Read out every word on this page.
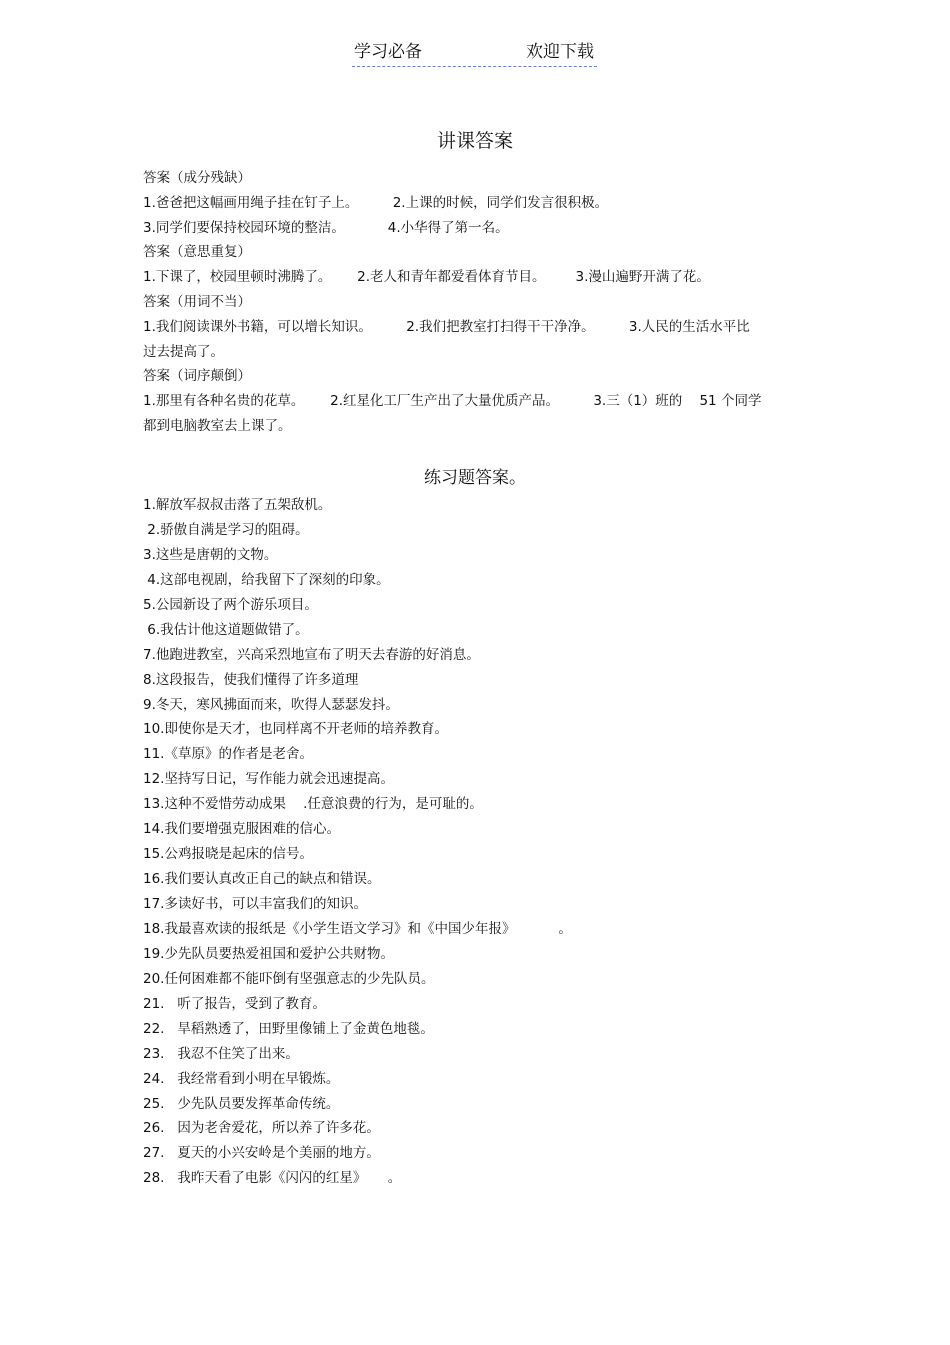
学习必备	欢迎下载
讲课答案
答案（成分残缺）
1.爸爸把这幅画用绳子挂在钉子上。        2.上课的时候，同学们发言很积极。
3.同学们要保持校园环境的整洁。          4.小华得了第一名。
答案（意思重复）
1.下课了，校园里顿时沸腾了。      2.老人和青年都爱看体育节目。       3.漫山遍野开满了花。
答案（用词不当）
1.我们阅读课外书籍，可以增长知识。        2.我们把教室打扫得干干净净。        3.人民的生活水平比
过去提高了。
答案（词序颠倒）
1.那里有各种名贵的花草。      2.红星化工厂生产出了大量优质产品。        3.三（1）班的    51 个同学
都到电脑教室去上课了。
练习题答案。
1.解放军叔叔击落了五架敌机。
2.骄傲自满是学习的阻碍。
3.这些是唐朝的文物。
4.这部电视剧，给我留下了深刻的印象。
5.公园新设了两个游乐项目。
6.我估计他这道题做错了。
7.他跑进教室，兴高采烈地宣布了明天去春游的好消息。
8.这段报告，使我们懂得了许多道理
9.冬天，寒风拂面而来，吹得人瑟瑟发抖。
10.即使你是天才，也同样离不开老师的培养教育。
11.《草原》的作者是老舍。
12.坚持写日记，写作能力就会迅速提高。
13.这种不爱惜劳动成果    .任意浪费的行为，是可耻的。
14.我们要增强克服困难的信心。
15.公鸡报晓是起床的信号。
16.我们要认真改正自己的缺点和错误。
17.多读好书，可以丰富我们的知识。
18.我最喜欢读的报纸是《小学生语文学习》和《中国少年报》          。
19.少先队员要热爱祖国和爱护公共财物。
20.任何困难都不能吓倒有坚强意志的少先队员。
21.   听了报告，受到了教育。
22.   旱稻熟透了，田野里像铺上了金黄色地毯。
23.   我忍不住笑了出来。
24.   我经常看到小明在早锻炼。
25.   少先队员要发挥革命传统。
26.   因为老舍爱花，所以养了许多花。
27.   夏天的小兴安岭是个美丽的地方。
28.   我昨天看了电影《闪闪的红星》     。
